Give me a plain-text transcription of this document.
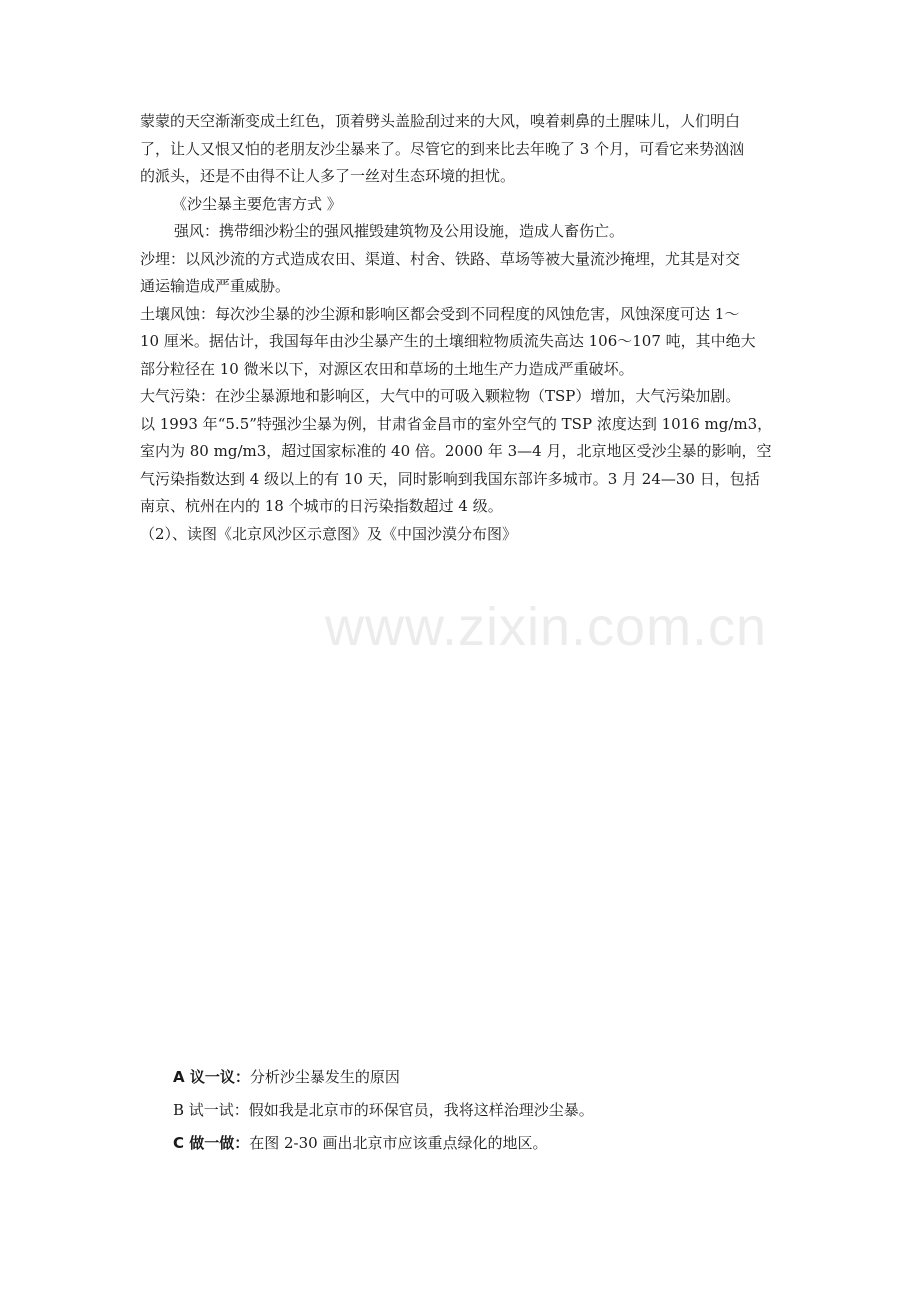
www.zixin.com.cn

蒙蒙的天空渐渐变成土红色，顶着劈头盖脸刮过来的大风，嗅着刺鼻的土腥味儿，人们明白

了，让人又恨又怕的老朋友沙尘暴来了。尽管它的到来比去年晚了 3 个月，可看它来势汹汹

的派头，还是不由得不让人多了一丝对生态环境的担忧。

《沙尘暴主要危害方式 》

强风：携带细沙粉尘的强风摧毁建筑物及公用设施，造成人畜伤亡。

沙埋：以风沙流的方式造成农田、渠道、村舍、铁路、草场等被大量流沙掩埋，尤其是对交

通运输造成严重威胁。

土壤风蚀：每次沙尘暴的沙尘源和影响区都会受到不同程度的风蚀危害，风蚀深度可达 1～

10 厘米。据估计，我国每年由沙尘暴产生的土壤细粒物质流失高达 106～107 吨，其中绝大

部分粒径在 10 微米以下，对源区农田和草场的土地生产力造成严重破坏。

大气污染：在沙尘暴源地和影响区，大气中的可吸入颗粒物（TSP）增加，大气污染加剧。

以 1993 年“5.5”特强沙尘暴为例，甘肃省金昌市的室外空气的 TSP 浓度达到 1016 mg/m3，

室内为 80 mg/m3，超过国家标准的 40 倍。2000 年 3—4 月，北京地区受沙尘暴的影响，空

气污染指数达到 4 级以上的有 10 天，同时影响到我国东部许多城市。3 月 24—30 日，包括

南京、杭州在内的 18 个城市的日污染指数超过 4 级。

（2）、读图《北京风沙区示意图》及《中国沙漠分布图》

A 议一议：分析沙尘暴发生的原因

B 试一试：假如我是北京市的环保官员，我将这样治理沙尘暴。

C 做一做：在图 2-30 画出北京市应该重点绿化的地区。
